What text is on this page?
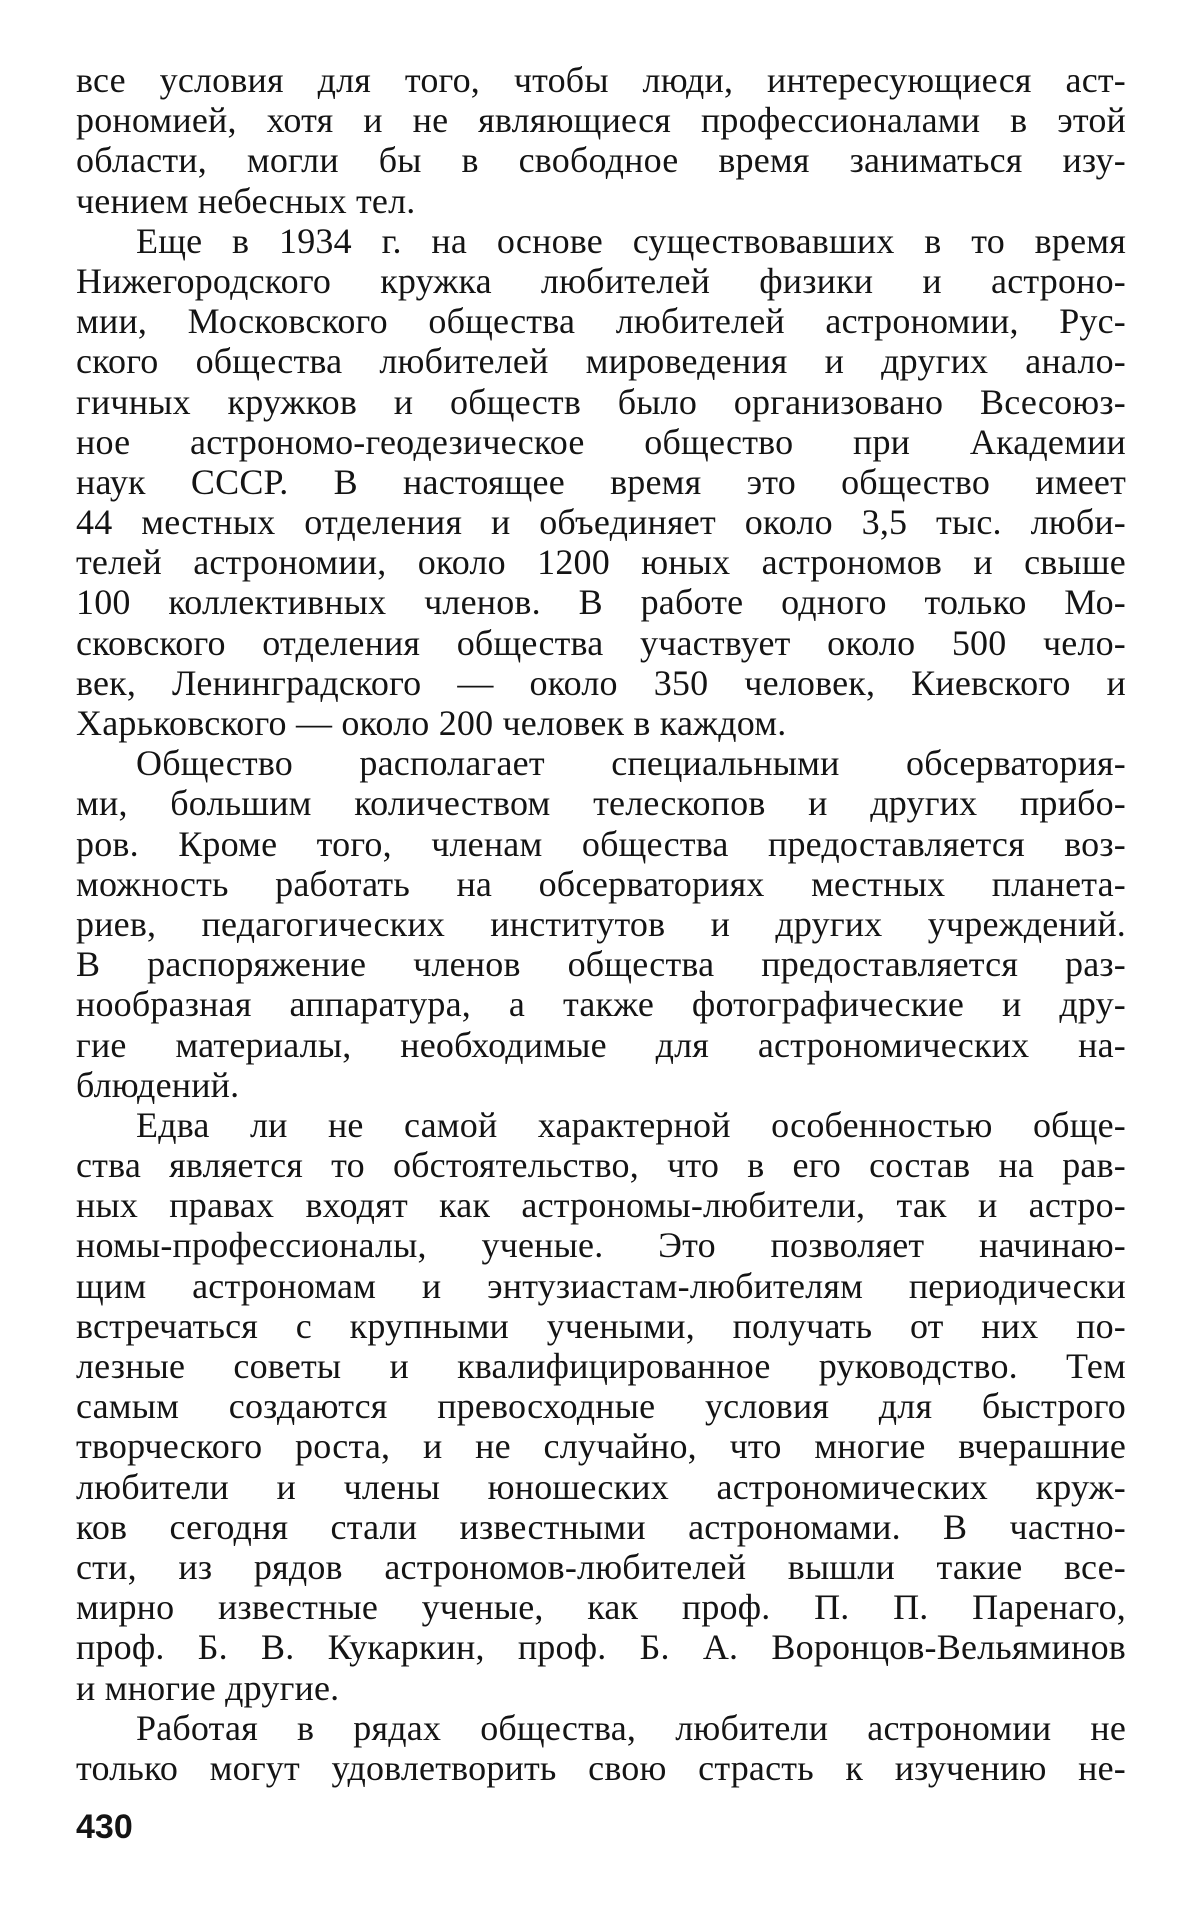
все условия для того, чтобы люди, интересующиеся аст-
рономией, хотя и не являющиеся профессионалами в этой
области, могли бы в свободное время заниматься изу-
чением небесных тел.
Еще в 1934 г. на основе существовавших в то время
Нижегородского кружка любителей физики и астроно-
мии, Московского общества любителей астрономии, Рус-
ского общества любителей мироведения и других анало-
гичных кружков и обществ было организовано Всесоюз-
ное астрономо-геодезическое общество при Академии
наук СССР. В настоящее время это общество имеет
44 местных отделения и объединяет около 3,5 тыс. люби-
телей астрономии, около 1200 юных астрономов и свыше
100 коллективных членов. В работе одного только Мо-
сковского отделения общества участвует около 500 чело-
век, Ленинградского — около 350 человек, Киевского и
Харьковского — около 200 человек в каждом.
Общество располагает специальными обсерватория-
ми, большим количеством телескопов и других прибо-
ров. Кроме того, членам общества предоставляется воз-
можность работать на обсерваториях местных планета-
риев, педагогических институтов и других учреждений.
В распоряжение членов общества предоставляется раз-
нообразная аппаратура, а также фотографические и дру-
гие материалы, необходимые для астрономических на-
блюдений.
Едва ли не самой характерной особенностью обще-
ства является то обстоятельство, что в его состав на рав-
ных правах входят как астрономы-любители, так и астро-
номы-профессионалы, ученые. Это позволяет начинаю-
щим астрономам и энтузиастам-любителям периодически
встречаться с крупными учеными, получать от них по-
лезные советы и квалифицированное руководство. Тем
самым создаются превосходные условия для быстрого
творческого роста, и не случайно, что многие вчерашние
любители и члены юношеских астрономических круж-
ков сегодня стали известными астрономами. В частно-
сти, из рядов астрономов-любителей вышли такие все-
мирно известные ученые, как проф. П. П. Паренаго,
проф. Б. В. Кукаркин, проф. Б. А. Воронцов-Вельяминов
и многие другие.
Работая в рядах общества, любители астрономии не
только могут удовлетворить свою страсть к изучению не-
430
